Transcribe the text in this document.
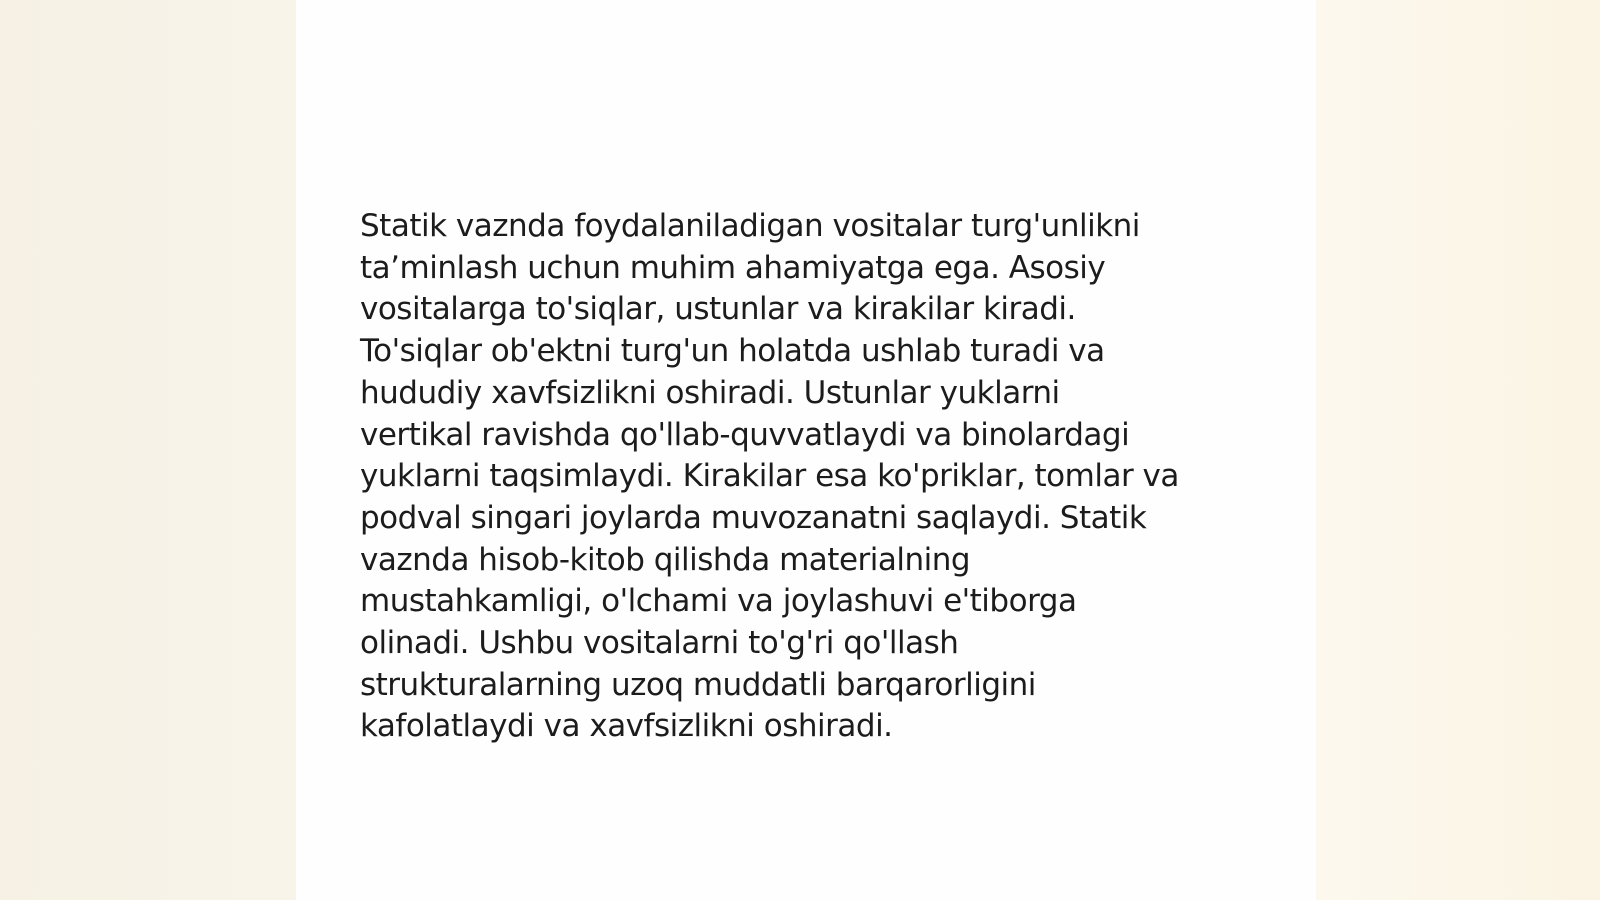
Statik vaznda foydalaniladigan vositalar turg'unlikni
ta’minlash uchun muhim ahamiyatga ega. Asosiy
vositalarga to'siqlar, ustunlar va kirakilar kiradi.
To'siqlar ob'ektni turg'un holatda ushlab turadi va
hududiy xavfsizlikni oshiradi. Ustunlar yuklarni
vertikal ravishda qo'llab-quvvatlaydi va binolardagi
yuklarni taqsimlaydi. Kirakilar esa ko'priklar, tomlar va
podval singari joylarda muvozanatni saqlaydi. Statik
vaznda hisob-kitob qilishda materialning
mustahkamligi, o'lchami va joylashuvi e'tiborga
olinadi. Ushbu vositalarni to'g'ri qo'llash
strukturalarning uzoq muddatli barqarorligini
kafolatlaydi va xavfsizlikni oshiradi.
